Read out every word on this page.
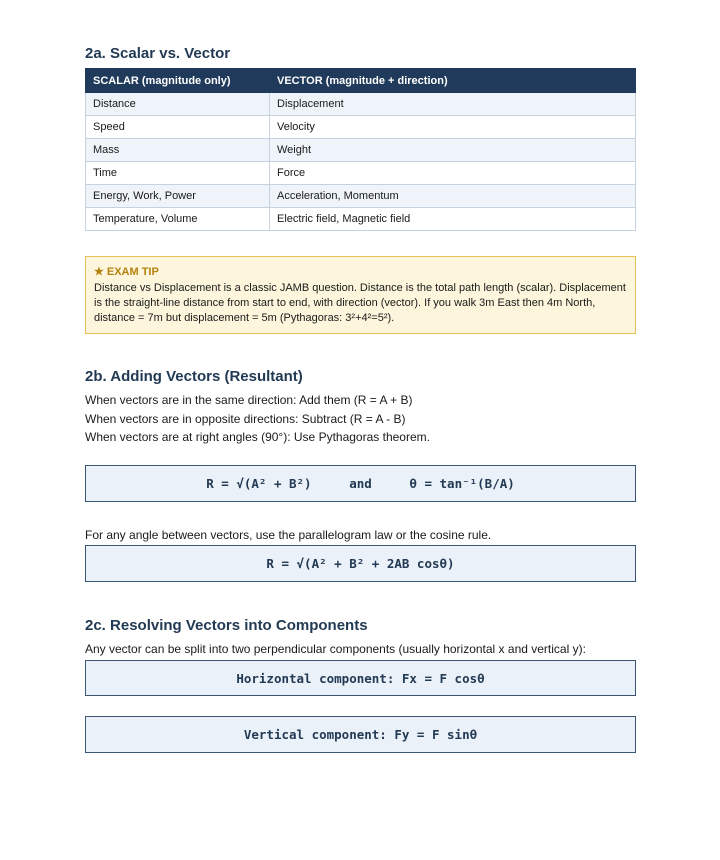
2a. Scalar vs. Vector
SCALAR (magnitude only)	VECTOR (magnitude + direction)
Distance	Displacement
Speed	Velocity
Mass	Weight
Time	Force
Energy, Work, Power	Acceleration, Momentum
Temperature, Volume	Electric field, Magnetic field
★ EXAM TIP
Distance vs Displacement is a classic JAMB question. Distance is the total path length (scalar). Displacement is the straight-line distance from start to end, with direction (vector). If you walk 3m East then 4m North, distance = 7m but displacement = 5m (Pythagoras: 3²+4²=5²).
2b. Adding Vectors (Resultant)
When vectors are in the same direction: Add them (R = A + B)
When vectors are in opposite directions: Subtract (R = A - B)
When vectors are at right angles (90°): Use Pythagoras theorem.
R = √(A² + B²)     and     θ = tan⁻¹(B/A)
For any angle between vectors, use the parallelogram law or the cosine rule.
R = √(A² + B² + 2AB cosθ)
2c. Resolving Vectors into Components
Any vector can be split into two perpendicular components (usually horizontal x and vertical y):
Horizontal component: Fx = F cosθ
Vertical component: Fy = F sinθ
